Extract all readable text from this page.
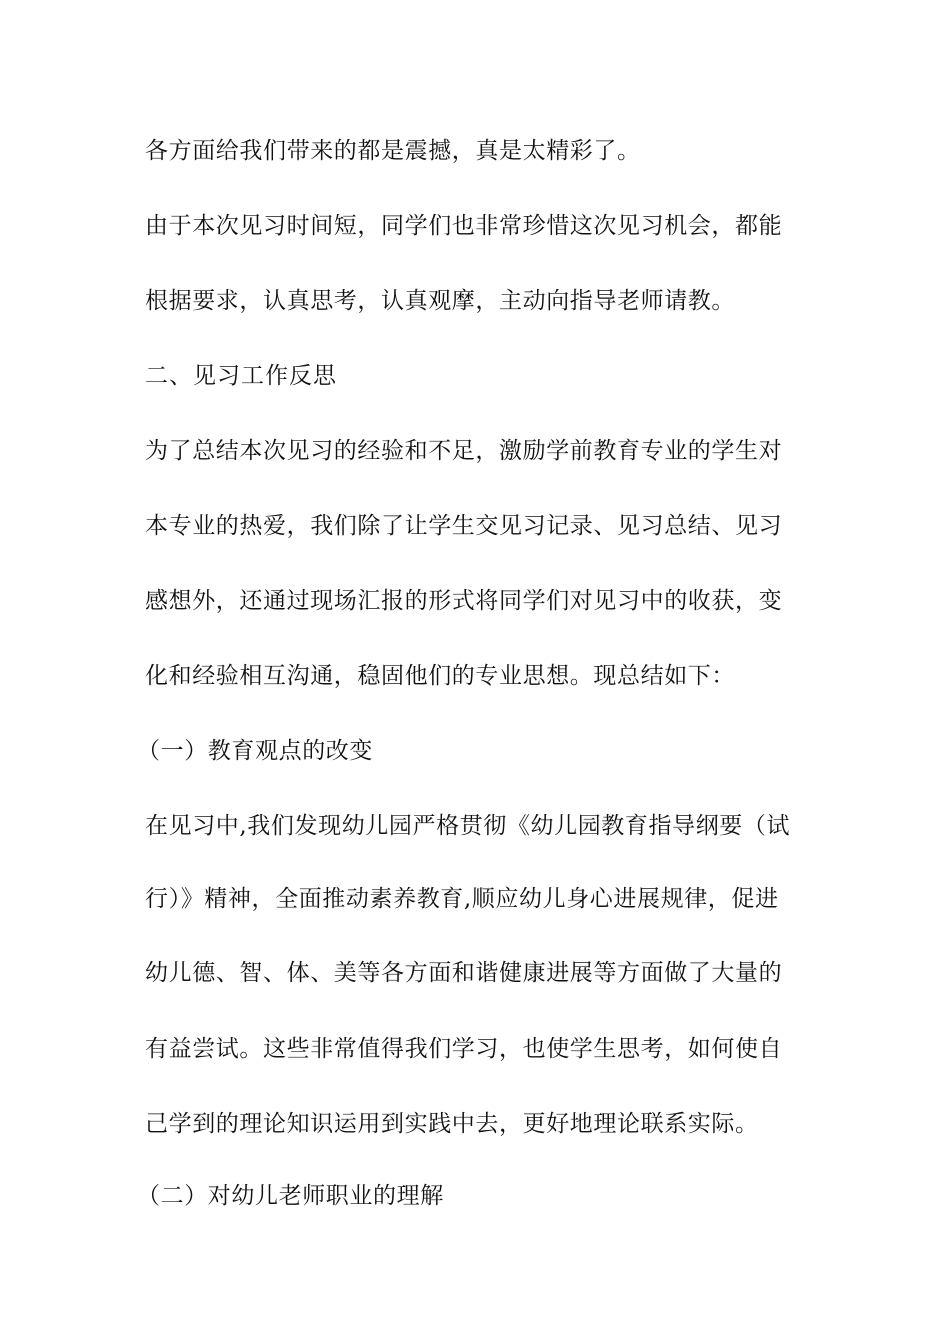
各方面给我们带来的都是震撼，真是太精彩了。
由于本次见习时间短，同学们也非常珍惜这次见习机会，都能
根据要求，认真思考，认真观摩，主动向指导老师请教。
二、见习工作反思
为了总结本次见习的经验和不足，激励学前教育专业的学生对
本专业的热爱，我们除了让学生交见习记录、见习总结、见习
感想外，还通过现场汇报的形式将同学们对见习中的收获，变
化和经验相互沟通，稳固他们的专业思想。现总结如下：
（一）教育观点的改变
在见习中,我们发现幼儿园严格贯彻《幼儿园教育指导纲要（试
行）》精神，全面推动素养教育,顺应幼儿身心进展规律，促进
幼儿德、智、体、美等各方面和谐健康进展等方面做了大量的
有益尝试。这些非常值得我们学习，也使学生思考，如何使自
己学到的理论知识运用到实践中去，更好地理论联系实际。
（二）对幼儿老师职业的理解
